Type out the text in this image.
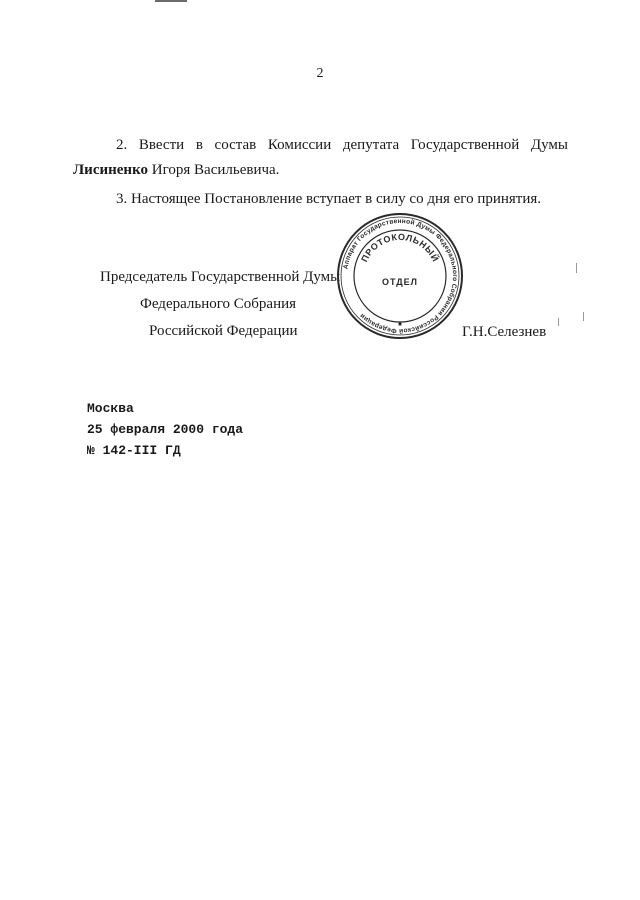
2
2. Ввести в состав Комиссии депутата Государственной Думы
Лисиненко Игоря Васильевича.
3. Настоящее Постановление вступает в силу со дня его принятия.
Председатель Государственной Думы
Федерального Собрания
Российской Федерации	Г.Н.Селезнев
Аппарат Государственной Думы Федерального Собрания Российской Федерации
ПРОТОКОЛЬНЫЙ
ОТДЕЛ
Москва
25 февраля 2000 года
№ 142-III ГД
